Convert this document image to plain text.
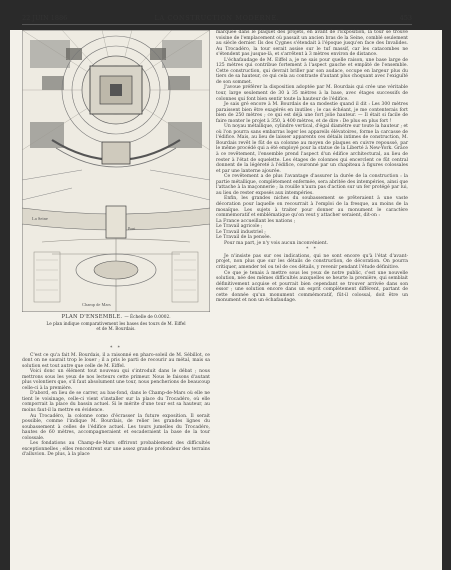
22 JUIN 1886	LA CONSTRUCTION MODERNE.	453
La Seine
Pont
Champ de Mars
PLAN D'ENSEMBLE. — Échelle de 0.0002.
Le plan indique comparativement les bases des tours de M. Eiffel
et de M. Bourdais.

* *

C'est ce qu'a fait M. Bourdais, il a raisonné en pharo-soleil de M. Sébillot, ce dont on ne saurait trop le louer ; il a pris le parti de recourir au métal, mais sa solution est tout autre que celle de M. Eiffel.

Voici donc un élément tout nouveau qui s'introduit dans le débat ; nous mettrons sous les yeux de nos lecteurs cette primeur. Nous le faisons d'autant plus volontiers que, s'il faut absolument une tour, nous pencherions de beaucoup celle-ci à la première.

D'abord, en lieu de se carrer, au bas-fond, dans le Champ-de-Mars où elle ne tient le voisinage, celle-ci vient s'installer sur la place du Trocadéro, où elle comporrait la place du bassin actuel. Si le mérite d'une tour est sa hauteur, au moins faut-il la mettre en évidence.

Au Trocadéro, la colonne como d'écrasser la future exposition. Il serait possible, comme l'indique M. Bourdais, de relier les grandes lignes du soubassement à celles de l'édifice actuel. Les tours jumelles du Trocadéro, hautes de 60 mètres, accompagneraient et escaderaient la base de la tour colossale.

Les fondations au Champ-de-Mars offriront probablement des difficultés exceptionnelles ; elles rencontrent sur une assez grande profondeur des terrains d'alluvion. De plus, à la place

marquée dans le plaquet des projets, en avant de l'Exposition, la tour se trouve voisine de l'emplacement où passait un ancien bras de la Seine, comblé seulement au siècle dernier. Ils des Cygnes s'étendait à l'époque jusqu'en face des Invalides. Au Trocadéro, la tour serait assise sur le tuf massif, car les catacombes ne s'étendent pas jusque-là, et s'arrêtent à 3 mètres environ de distance.

L'échafaudage de M. Eiffel a, je ne sais pour quelle raison, une base large de 125 mètres qui contribue fortement à l'aspect gauche et empâté de l'ensemble. Cette construction, qui devrait briller par son audace, occupe en largeur plus du tiers de sa hauteur, ce qui cela au contraste d'autant plus choquant avec l'exiguïté de son sommet.

J'avoue préférer la disposition adoptée par M. Bourdais qui crée une véritable tour, large seulement de 30 à 35 mètres à la base, avec étages successifs de colonnes qui font bien sentir toute la hauteur de l'édifice.

Je sais gré encore à M. Bourdais de sa modestie quand il dit : Les 300 mètres paraissent bien être exagérés en inutiles ; le cas échéant, je me contenterais fort bien de 250 mètres ; ce qui est déjà une fort jolie hauteur. — Il était si facile de faire monter le projet à 350, à 400 mètres, et de dire : De plus en plus fort !

Un noyau métallique, cylindre vertical, d'égal diamètre sur toute la hauteur ; et où l'on pourra sans embarras loger les appareils élévatoires, forme la carcasse de l'édifice. Mais, au lieu de laisser apparents ces détails intimes de construction, M. Bourdais revêt le fût de sa colonne au moyen de plaques en cuivre repoussé, par le même procédé qui a été employé pour la statue de la Liberté à New-York. Grâce à ce revêtement, l'ensemble prend l'aspect d'un édifice architectural, au lieu de rester à l'état de squelette. Les étages de colonnes qui encerclent ce fût central donnent de la légèreté à l'édifice, couronné par un chapiteau à figures colossales et par une lanterne ajourée.

Ce revêtement a de plus l'avantage d'assurer la durée de la construction : la partie métallique, complètement enfermée, sera abritée des intempéries, ainsi que l'attache à la maçonnerie ; la rouille n'aura pas d'action sur un fer protégé par lui, au lieu de rester exposés aux intempéries.

Enfin, les grandes niches du soubassement se prêteraient à une vaste décoration pour laquelle on recourrait à l'emploi de la fresque, au moins de la mosaïque. Les sujets à traiter pour donner au monument le caractère commémoratif et emblématique qu'on veut y attacher seraient, dit-on :

La France accueillant les nations ;

Le Travail agricole ;

Le Travail industriel ;

Le Travail de la pensée.

Pour ma part, je n'y vois aucun inconvénient.

* *

Je n'insiste pas sur ces indications, qui ne sont encore qu'à l'état d'avant-projet, non plus que sur les détails de construction, de décoration. On pourra critiquer, amender tel ou tel de ces détails, y revenir pendant l'étude définitive.

Ce que je tenais à mettre sous les yeux de notre public, c'est une nouvelle solution, née des mêmes difficultés auxquelles se heurte la première, qui semblait définitivement acquise et pourrait bien cependant se trouver arrivée dans son essor ; une solution encore dans un esprit complètement différent, partant de cette donnée qu'un monument commémoratif, fût-il colossal, doit être un monument et non un échafaudage.
